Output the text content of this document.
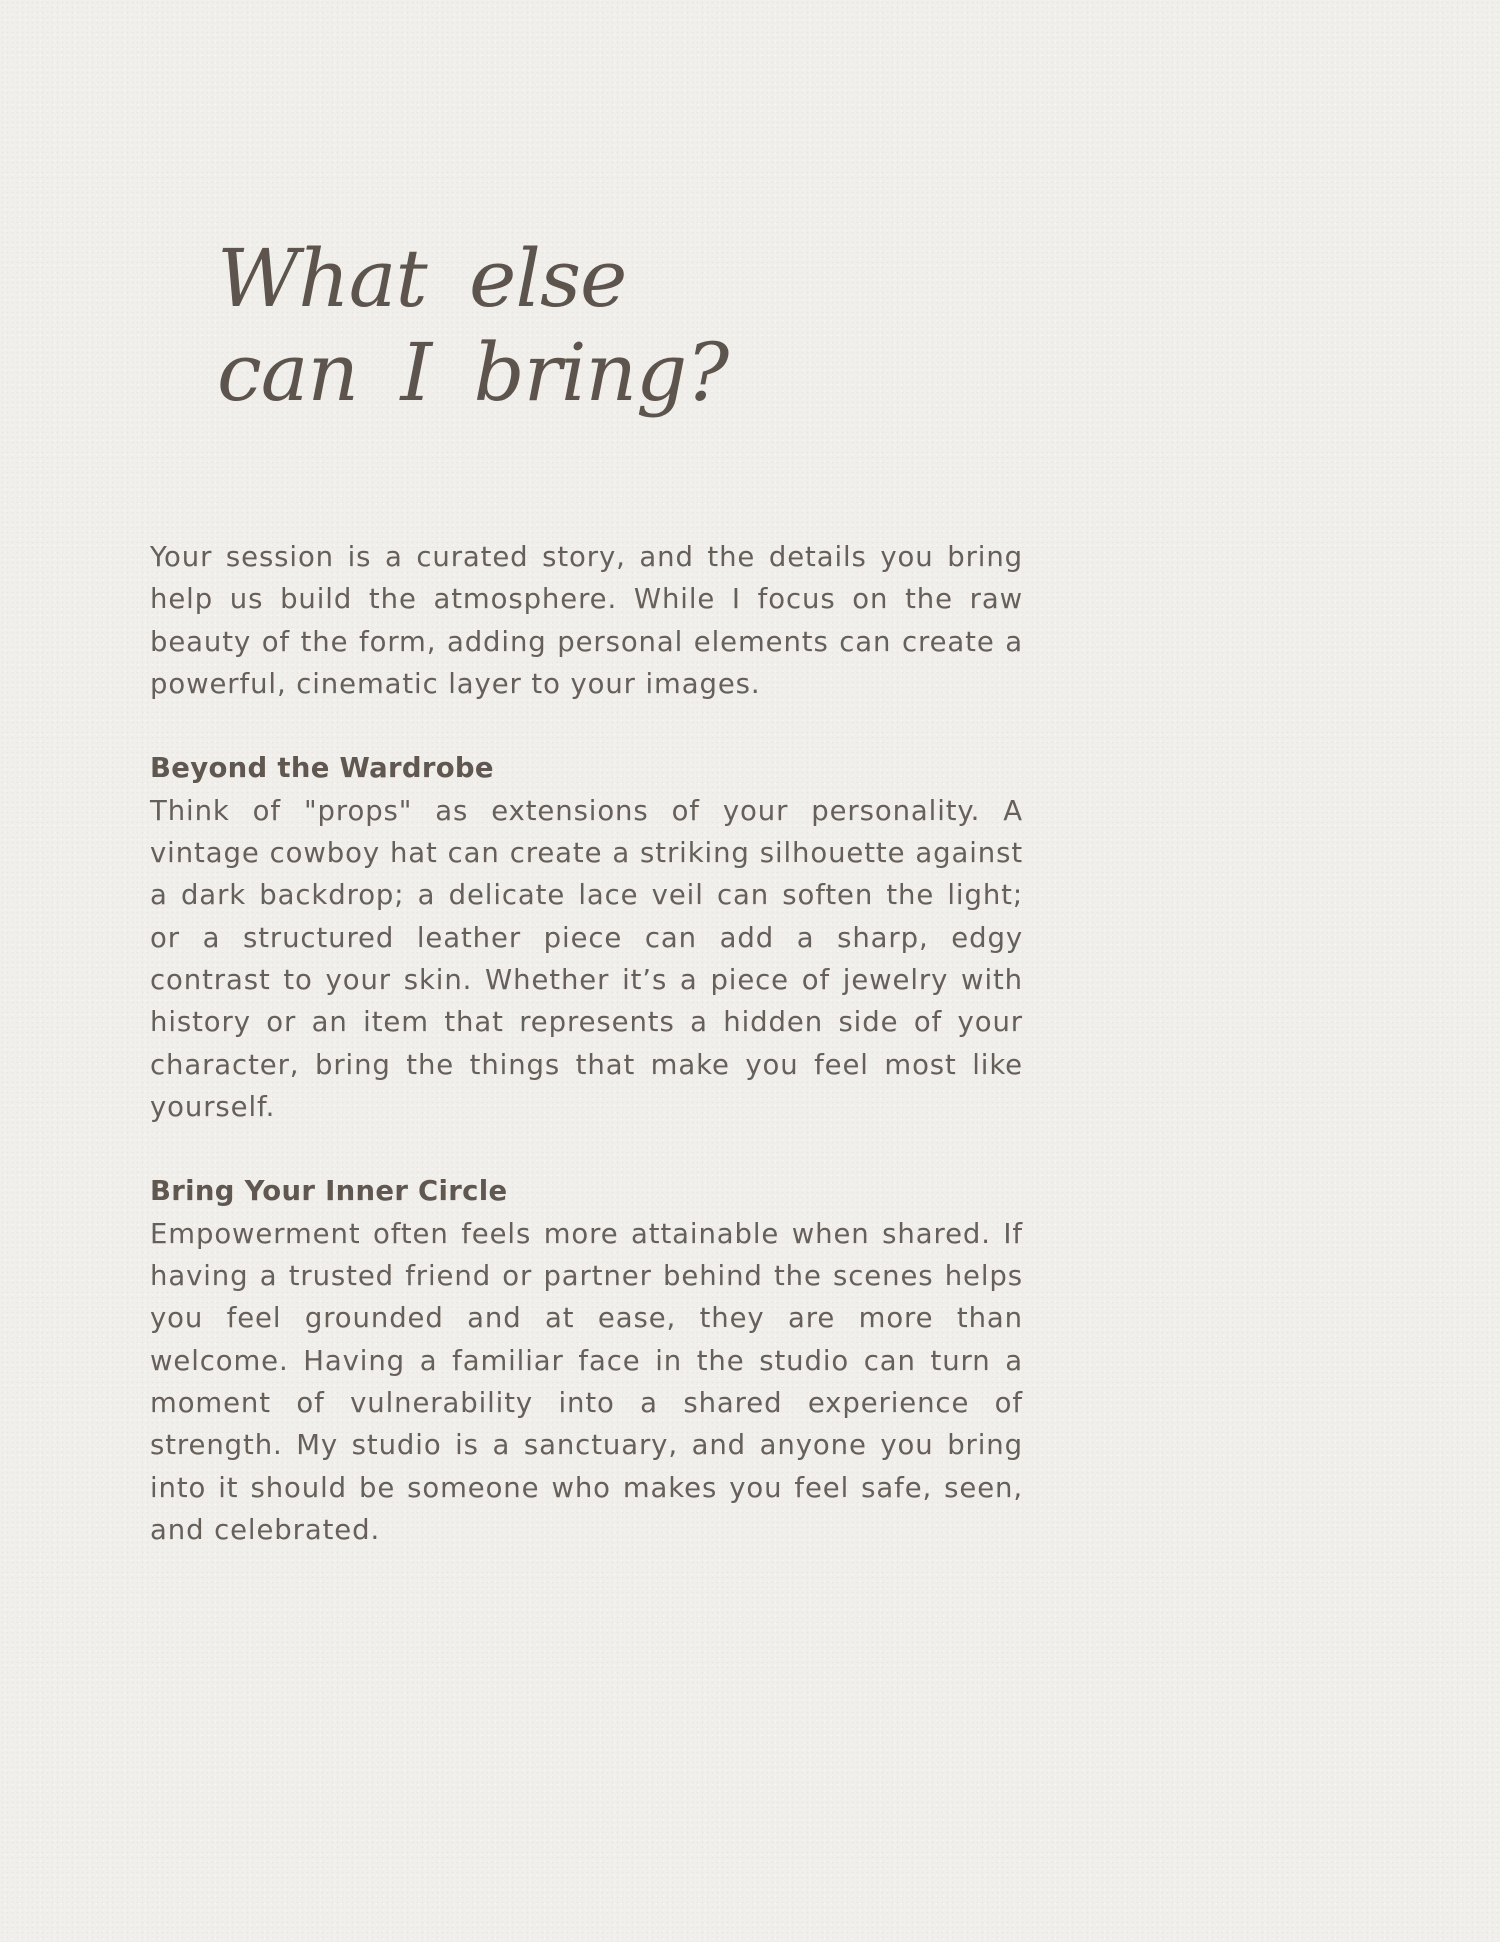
What else can I bring?

Your session is a curated story, and the details you bring help us build the atmosphere. While I focus on the raw beauty of the form, adding personal elements can create a powerful, cinematic layer to your images.

Beyond the Wardrobe

Think of "props" as extensions of your personality. A vintage cowboy hat can create a striking silhouette against a dark backdrop; a delicate lace veil can soften the light; or a structured leather piece can add a sharp, edgy contrast to your skin. Whether it’s a piece of jewelry with history or an item that represents a hidden side of your character, bring the things that make you feel most like yourself.

Bring Your Inner Circle

Empowerment often feels more attainable when shared. If having a trusted friend or partner behind the scenes helps you feel grounded and at ease, they are more than welcome. Having a familiar face in the studio can turn a moment of vulnerability into a shared experience of strength. My studio is a sanctuary, and anyone you bring into it should be someone who makes you feel safe, seen, and celebrated.
